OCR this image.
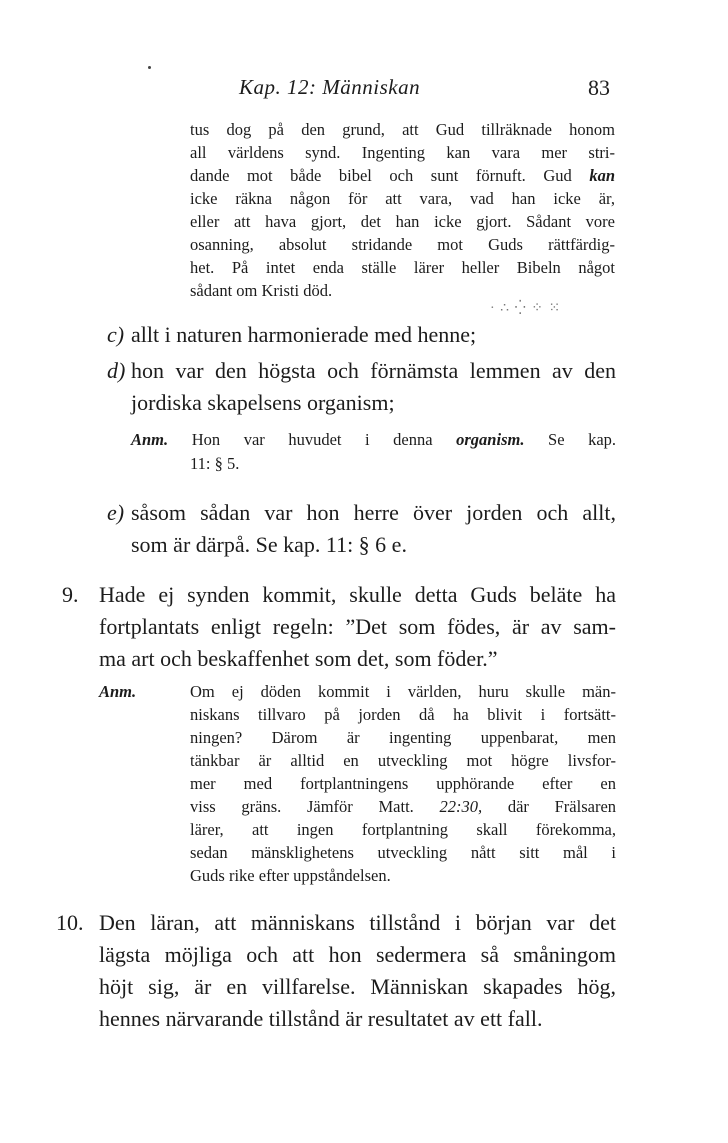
Kap. 12: Människan	83
tus dog på den grund, att Gud tillräknade honom
all världens synd. Ingenting kan vara mer stri-
dande mot både bibel och sunt förnuft. Gud kan
icke räkna någon för att vara, vad han icke är,
eller att hava gjort, det han icke gjort. Sådant vore
osanning, absolut stridande mot Guds rättfärdig-
het. På intet enda ställe lärer heller Bibeln något
sådant om Kristi död.
· ∴ ⁛ ⁘ ⁙
c) allt i naturen harmonierade med henne;
d) hon var den högsta och förnämsta lemmen av den
jordiska skapelsens organism;
Anm. Hon var huvudet i denna organism. Se kap.
11: § 5.
e) såsom sådan var hon herre över jorden och allt,
som är därpå. Se kap. 11: § 6 e.
9. Hade ej synden kommit, skulle detta Guds beläte ha
fortplantats enligt regeln: ”Det som födes, är av sam-
ma art och beskaffenhet som det, som föder.”
Anm.	Om ej döden kommit i världen, huru skulle män-
niskans tillvaro på jorden då ha blivit i fortsätt-
ningen? Därom är ingenting uppenbarat, men
tänkbar är alltid en utveckling mot högre livsfor-
mer med fortplantningens upphörande efter en
viss gräns. Jämför Matt. 22:30, där Frälsaren
lärer, att ingen fortplantning skall förekomma,
sedan mänsklighetens utveckling nått sitt mål i
Guds rike efter uppståndelsen.
10. Den läran, att människans tillstånd i början var det
lägsta möjliga och att hon sedermera så småningom
höjt sig, är en villfarelse. Människan skapades hög,
hennes närvarande tillstånd är resultatet av ett fall.
